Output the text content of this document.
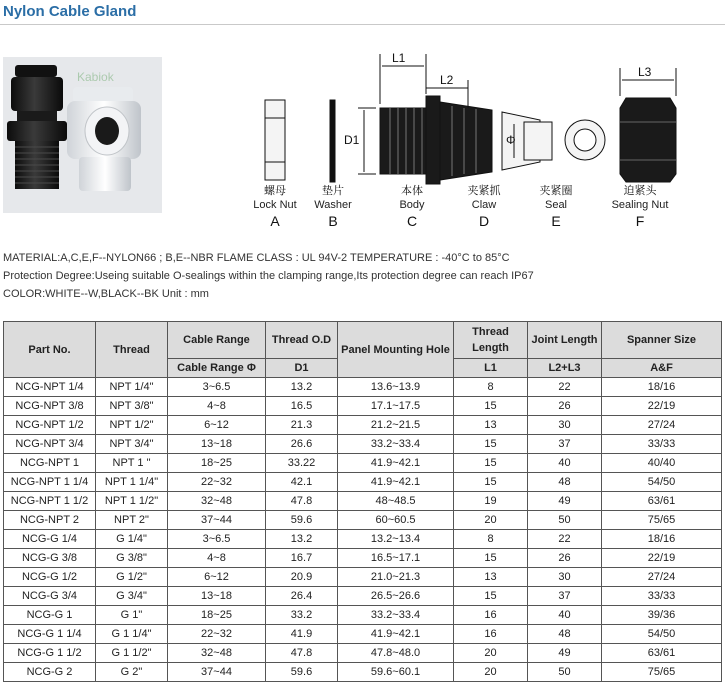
Nylon Cable Gland
Kabiok
L1
L2
L3
D1	Φ
螺母
Lock Nut
A
垫片
Washer
B
本体
Body
C
夹紧抓
Claw
D
夹紧圈
Seal
E
迫紧头
Sealing Nut
F
MATERIAL:A,C,E,F--NYLON66 ; B,E--NBR FLAME CLASS : UL 94V-2 TEMPERATURE : -40°C to 85°C
Protection Degree:Useing suitable O-sealings within the clamping range,Its protection degree can reach IP67
COLOR:WHITE--W,BLACK--BK Unit : mm
Part No.	Thread	Cable Range	Thread O.D	Panel Mounting Hole	Thread Length	Joint Length	Spanner Size
		Cable Range Φ	D1		L1	L2+L3	A&F
NCG-NPT 1/4	NPT 1/4"	3~6.5	13.2	13.6~13.9	8	22	18/16
NCG-NPT 3/8	NPT 3/8"	4~8	16.5	17.1~17.5	15	26	22/19
NCG-NPT 1/2	NPT 1/2"	6~12	21.3	21.2~21.5	13	30	27/24
NCG-NPT 3/4	NPT 3/4"	13~18	26.6	33.2~33.4	15	37	33/33
NCG-NPT 1	NPT 1 "	18~25	33.22	41.9~42.1	15	40	40/40
NCG-NPT 1 1/4	NPT 1 1/4"	22~32	42.1	41.9~42.1	15	48	54/50
NCG-NPT 1 1/2	NPT 1 1/2"	32~48	47.8	48~48.5	19	49	63/61
NCG-NPT 2	NPT 2"	37~44	59.6	60~60.5	20	50	75/65
NCG-G 1/4	G 1/4"	3~6.5	13.2	13.2~13.4	8	22	18/16
NCG-G 3/8	G 3/8"	4~8	16.7	16.5~17.1	15	26	22/19
NCG-G 1/2	G 1/2"	6~12	20.9	21.0~21.3	13	30	27/24
NCG-G 3/4	G 3/4"	13~18	26.4	26.5~26.6	15	37	33/33
NCG-G 1	G 1"	18~25	33.2	33.2~33.4	16	40	39/36
NCG-G 1 1/4	G 1 1/4"	22~32	41.9	41.9~42.1	16	48	54/50
NCG-G 1 1/2	G 1 1/2"	32~48	47.8	47.8~48.0	20	49	63/61
NCG-G 2	G 2"	37~44	59.6	59.6~60.1	20	50	75/65
